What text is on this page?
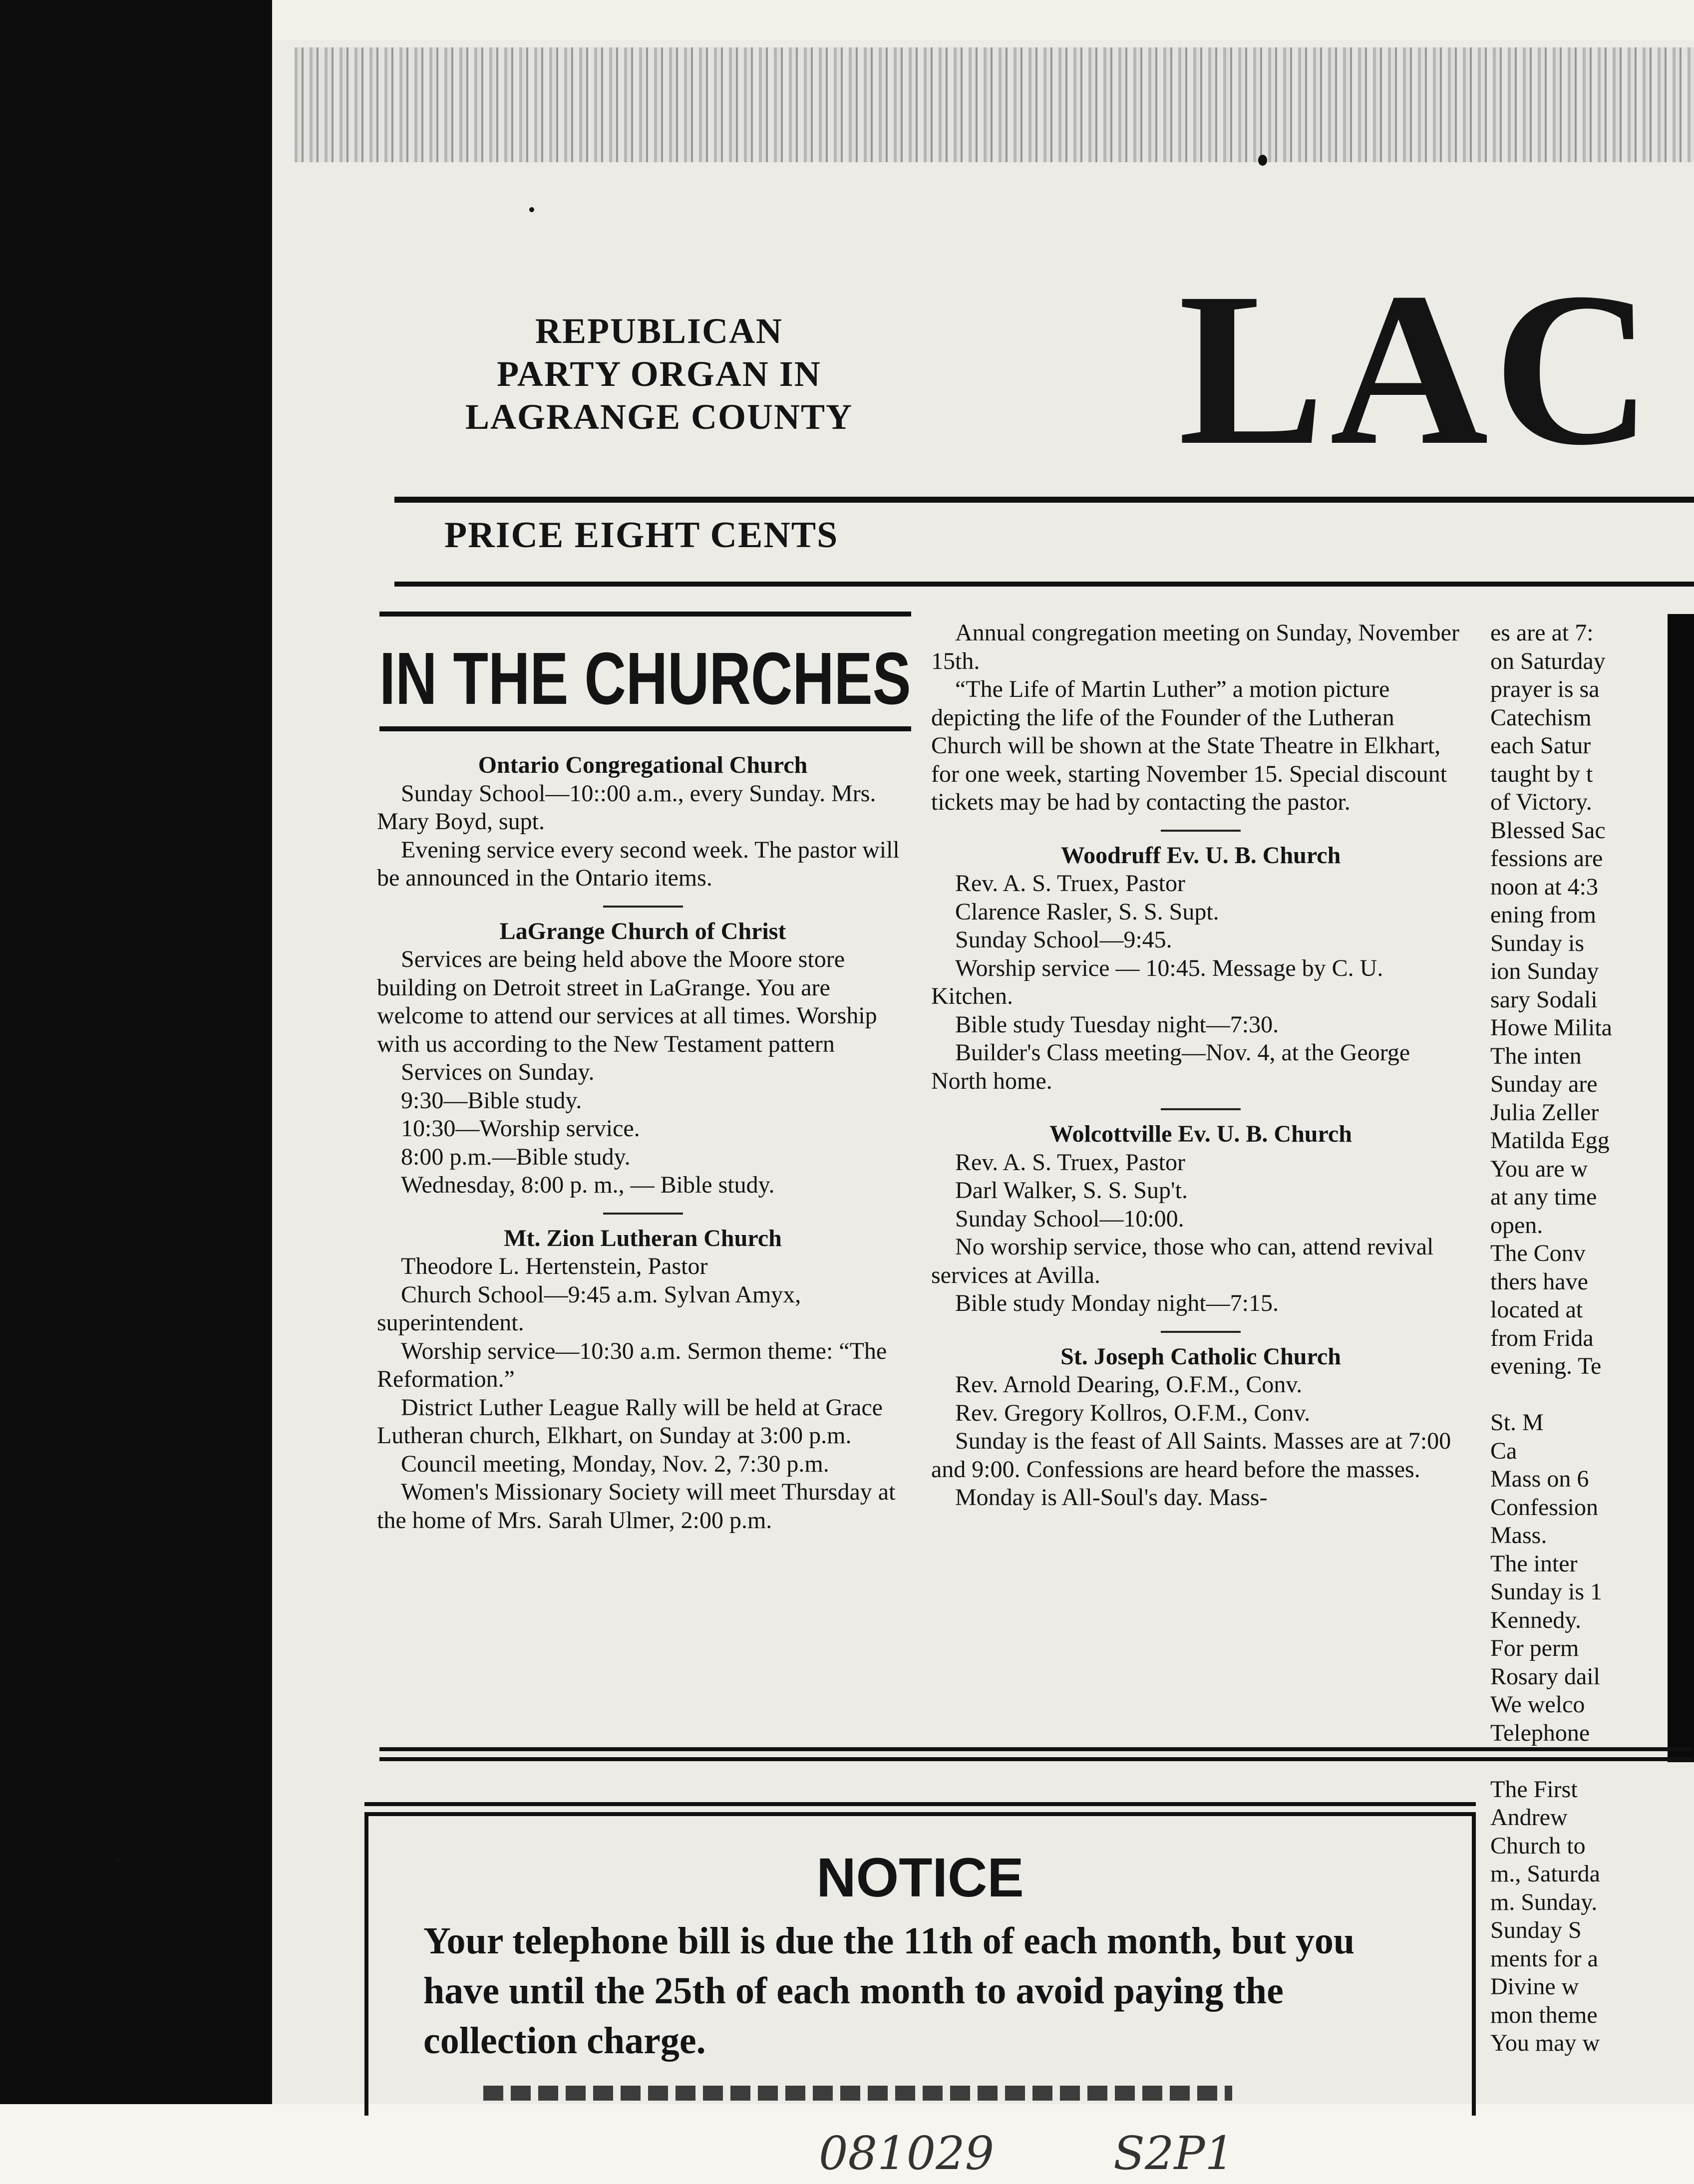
REPUBLICAN
PARTY ORGAN IN
LAGRANGE COUNTY LAC
PRICE EIGHT CENTS
IN THE CHURCHES

Ontario Congregational Church

Sunday School—10::00 a.m., every Sunday. Mrs. Mary Boyd, supt.

Evening service every second week. The pastor will be announced in the Ontario items.

LaGrange Church of Christ

Services are being held above the Moore store building on Detroit street in LaGrange. You are welcome to attend our services at all times. Worship with us according to the New Testament pattern

Services on Sunday.

9:30—Bible study.

10:30—Worship service.

8:00 p.m.—Bible study.

Wednesday, 8:00 p. m., — Bible study.

Mt. Zion Lutheran Church

Theodore L. Hertenstein, Pastor

Church School—9:45 a.m. Sylvan Amyx, superintendent.

Worship service—10:30 a.m. Sermon theme: “The Reformation.”

District Luther League Rally will be held at Grace Lutheran church, Elkhart, on Sunday at 3:00 p.m.

Council meeting, Monday, Nov. 2, 7:30 p.m.

Women's Missionary Society will meet Thursday at the home of Mrs. Sarah Ulmer, 2:00 p.m.

Annual congregation meeting on Sunday, November 15th.

“The Life of Martin Luther” a motion picture depicting the life of the Founder of the Lutheran Church will be shown at the State Theatre in Elkhart, for one week, starting November 15. Special discount tickets may be had by contacting the pastor.

Woodruff Ev. U. B. Church

Rev. A. S. Truex, Pastor

Clarence Rasler, S. S. Supt.

Sunday School—9:45.

Worship service — 10:45. Message by C. U. Kitchen.

Bible study Tuesday night—7:30.

Builder's Class meeting—Nov. 4, at the George North home.

Wolcottville Ev. U. B. Church

Rev. A. S. Truex, Pastor

Darl Walker, S. S. Sup't.

Sunday School—10:00.

No worship service, those who can, attend revival services at Avilla.

Bible study Monday night—7:15.

St. Joseph Catholic Church

Rev. Arnold Dearing, O.F.M., Conv.

Rev. Gregory Kollros, O.F.M., Conv.

Sunday is the feast of All Saints. Masses are at 7:00 and 9:00. Confessions are heard before the masses.

Monday is All-Soul's day. Mass-

es are at 7:

on Saturday

prayer is sa

Catechism

each Satur

taught by t

of Victory.

Blessed Sac

fessions are

noon at 4:3

ening from

Sunday is

ion Sunday

sary Sodali

Howe Milita

The inten

Sunday are

Julia Zeller

Matilda Egg

You are w

at any time

open.

The Conv

thers have

located at

from Frida

evening. Te

St. M

Ca

Mass on 6

Confession

Mass.

The inter

Sunday is 1

Kennedy.

For perm

Rosary dail

We welco

Telephone

The First

Andrew

Church to

m., Saturda

m. Sunday.

Sunday S

ments for a

Divine w

mon theme

You may w

NOTICE
Your telephone bill is due the 11th of each month, but you have until the 25th of each month to avoid paying the collection charge.
081029	S2P1
